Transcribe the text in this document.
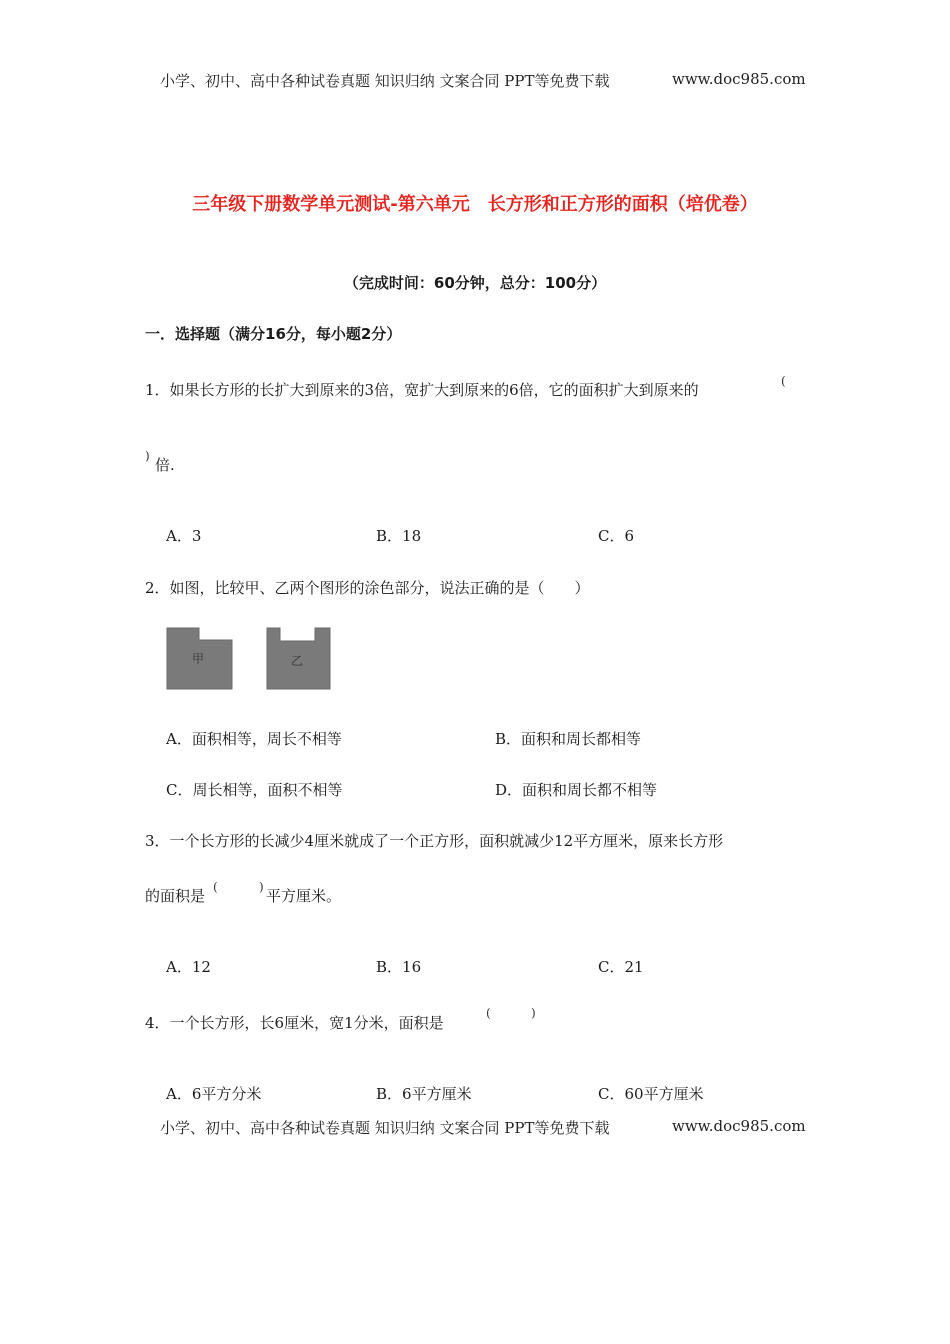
小学、初中、高中各种试卷真题 知识归纳 文案合同 PPT等免费下载	www.doc985.com
三年级下册数学单元测试-第六单元　长方形和正方形的面积（培优卷）
（完成时间：60分钟，总分：100分）
一．选择题（满分16分，每小题2分）
1．如果长方形的长扩大到原来的3倍，宽扩大到原来的6倍，它的面积扩大到原来的	(
) 倍.
A．3	B．18	C．6
2．如图，比较甲、乙两个图形的涂色部分，说法正确的是（　　）
甲	乙
A．面积相等，周长不相等	B．面积和周长都相等
C．周长相等，面积不相等	D．面积和周长都不相等
3．一个长方形的长减少4厘米就成了一个正方形，面积就减少12平方厘米，原来长方形
的面积是 (	) 平方厘米。
A．12	B．16	C．21
4．一个长方形，长6厘米，宽1分米，面积是
(	)
A．6平方分米	B．6平方厘米	C．60平方厘米
小学、初中、高中各种试卷真题 知识归纳 文案合同 PPT等免费下载	www.doc985.com
